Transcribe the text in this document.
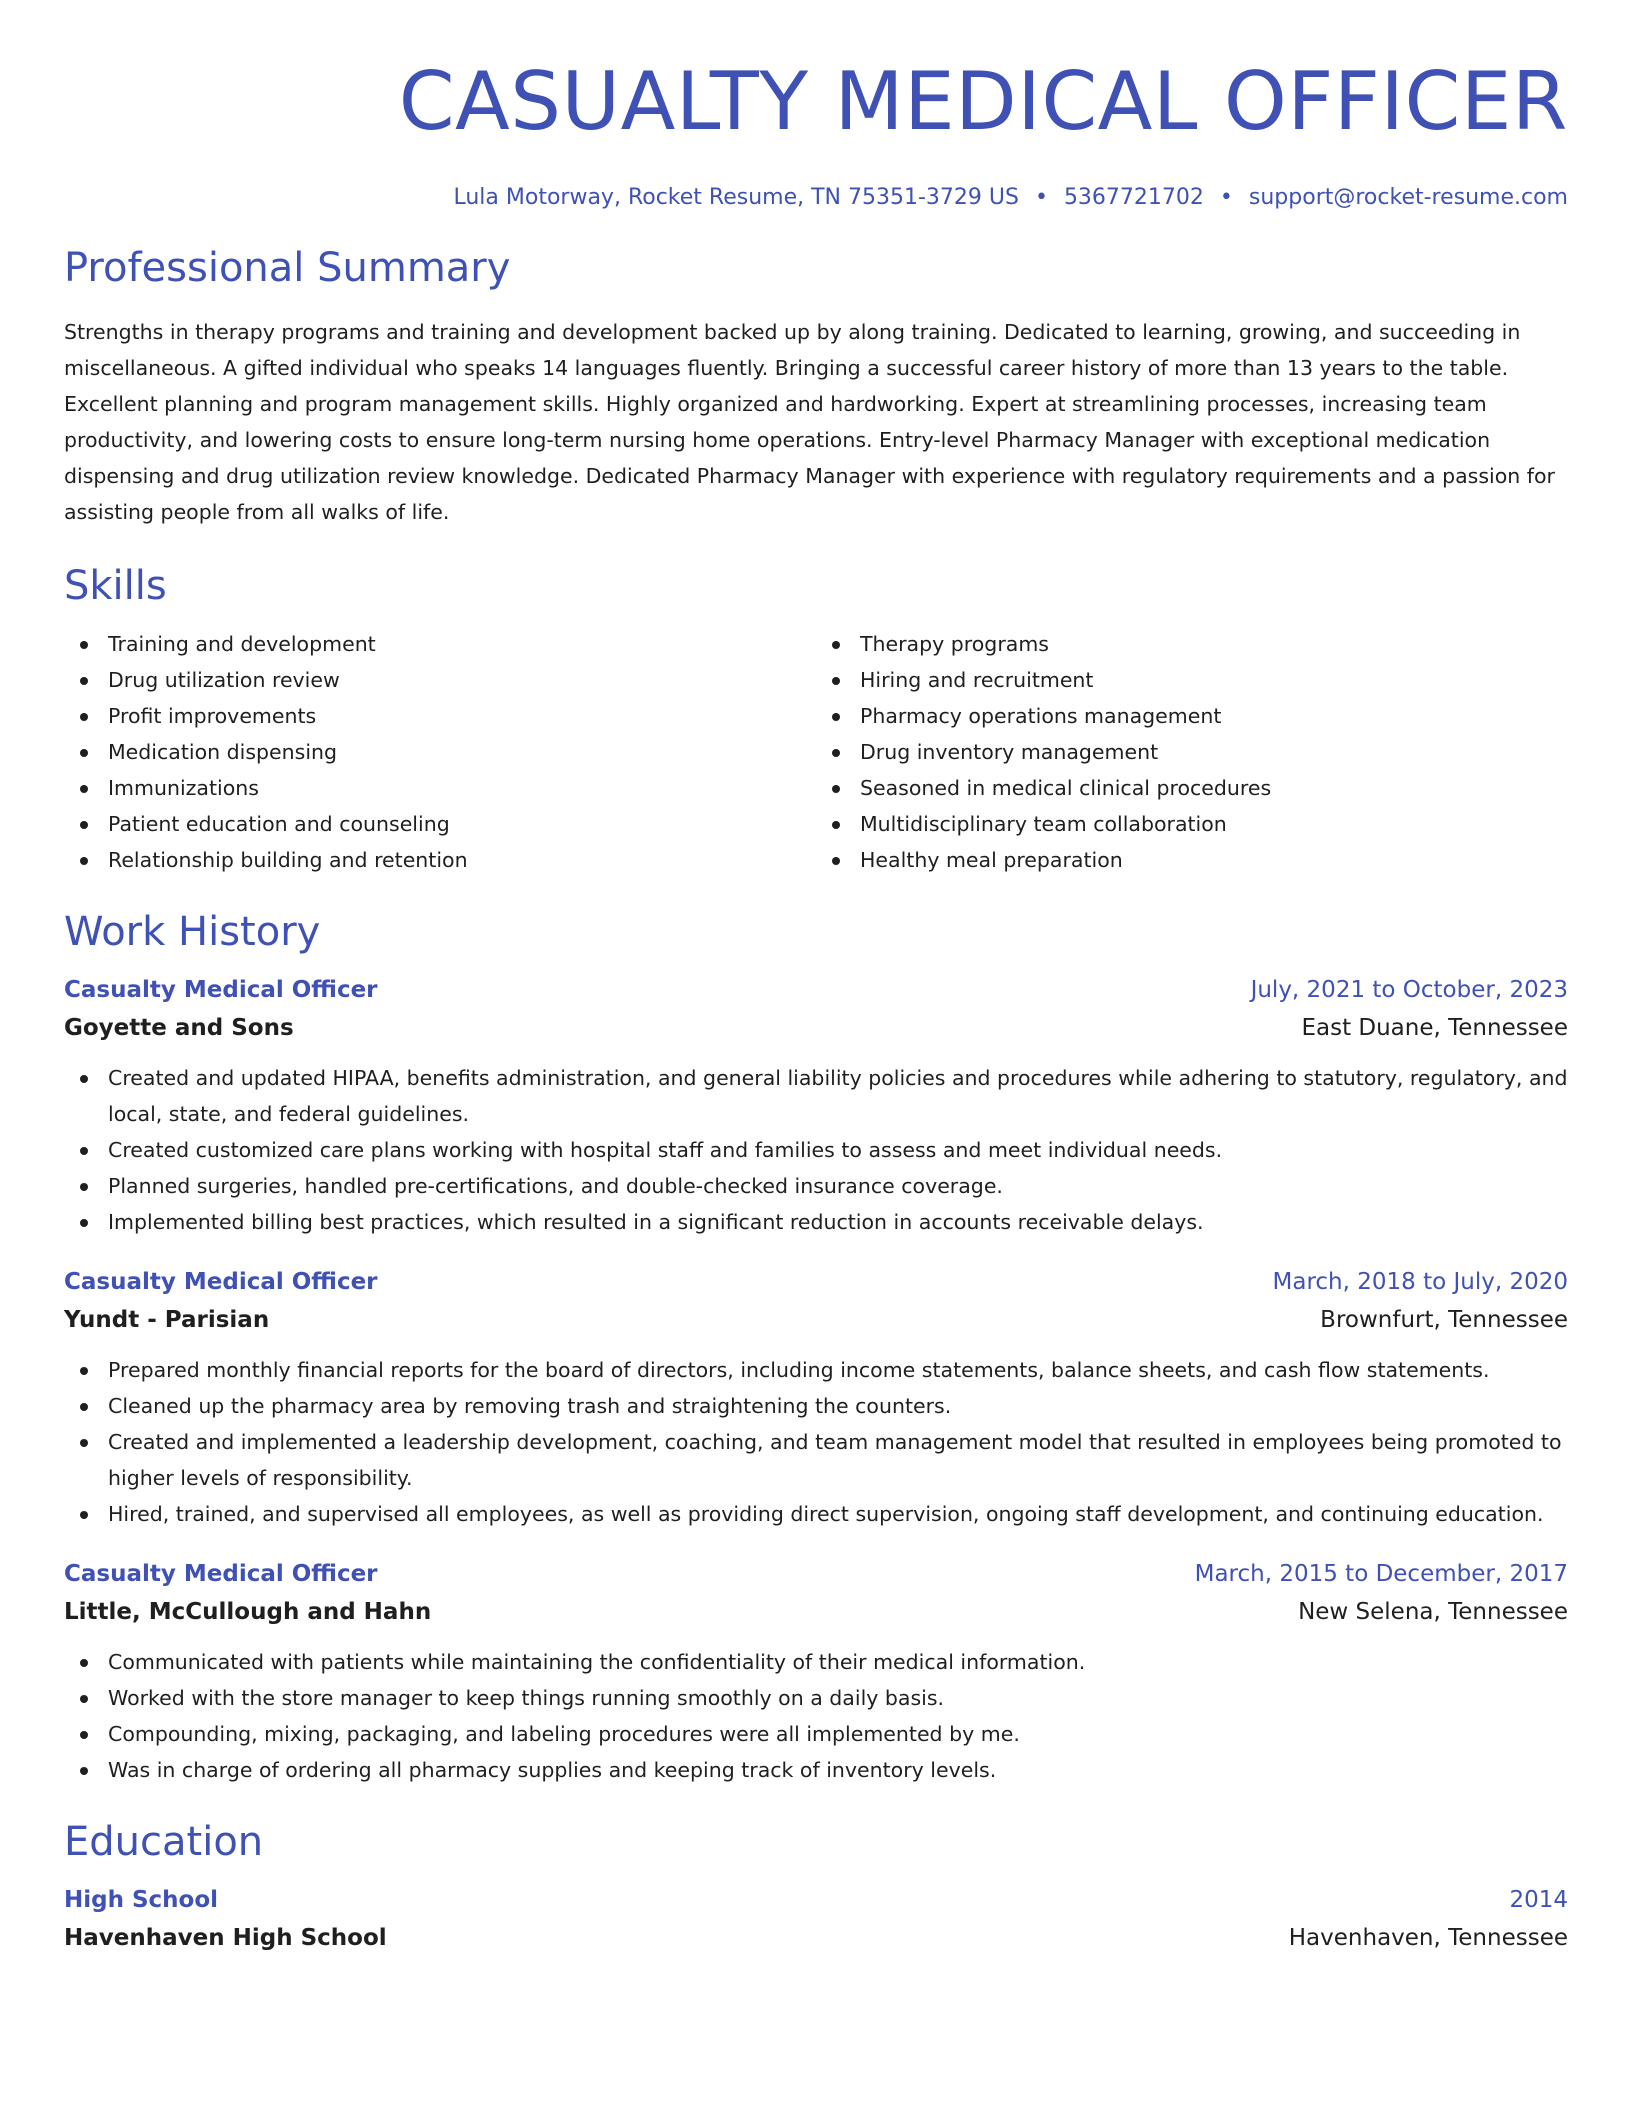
CASUALTY MEDICAL OFFICER
Lula Motorway, Rocket Resume, TN 75351-3729 US • 5367721702 • support@rocket-resume.com
Professional Summary

Strengths in therapy programs and training and development backed up by along training. Dedicated to learning, growing, and succeeding in miscellaneous. A gifted individual who speaks 14 languages fluently. Bringing a successful career history of more than 13 years to the table. Excellent planning and program management skills. Highly organized and hardworking. Expert at streamlining processes, increasing team productivity, and lowering costs to ensure long-term nursing home operations. Entry-level Pharmacy Manager with exceptional medication dispensing and drug utilization review knowledge. Dedicated Pharmacy Manager with experience with regulatory requirements and a passion for assisting people from all walks of life.

Skills
Training and development
Drug utilization review
Profit improvements
Medication dispensing
Immunizations
Patient education and counseling
Relationship building and retention
Therapy programs
Hiring and recruitment
Pharmacy operations management
Drug inventory management
Seasoned in medical clinical procedures
Multidisciplinary team collaboration
Healthy meal preparation
Work History
Casualty Medical Officer	July, 2021 to October, 2023
Goyette and Sons	East Duane, Tennessee
Created and updated HIPAA, benefits administration, and general liability policies and procedures while adhering to statutory, regulatory, and local, state, and federal guidelines.
Created customized care plans working with hospital staff and families to assess and meet individual needs.
Planned surgeries, handled pre-certifications, and double-checked insurance coverage.
Implemented billing best practices, which resulted in a significant reduction in accounts receivable delays.
Casualty Medical Officer	March, 2018 to July, 2020
Yundt - Parisian	Brownfurt, Tennessee
Prepared monthly financial reports for the board of directors, including income statements, balance sheets, and cash flow statements.
Cleaned up the pharmacy area by removing trash and straightening the counters.
Created and implemented a leadership development, coaching, and team management model that resulted in employees being promoted to higher levels of responsibility.
Hired, trained, and supervised all employees, as well as providing direct supervision, ongoing staff development, and continuing education.
Casualty Medical Officer	March, 2015 to December, 2017
Little, McCullough and Hahn	New Selena, Tennessee
Communicated with patients while maintaining the confidentiality of their medical information.
Worked with the store manager to keep things running smoothly on a daily basis.
Compounding, mixing, packaging, and labeling procedures were all implemented by me.
Was in charge of ordering all pharmacy supplies and keeping track of inventory levels.
Education
High School	2014
Havenhaven High School	Havenhaven, Tennessee
